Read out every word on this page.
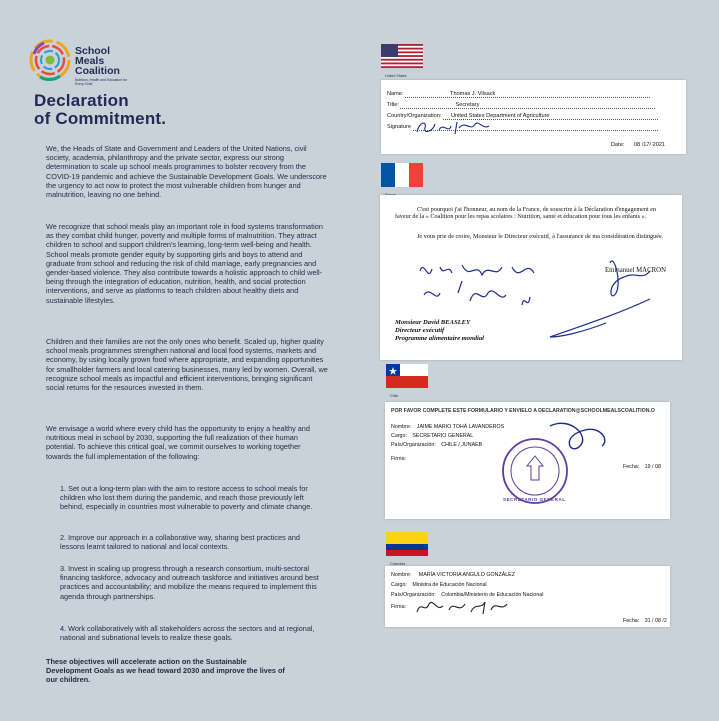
School
Meals
Coalition
Nutrition, Health and Education for Every Child
Declaration
of Commitment.

We, the Heads of State and Government and Leaders of the United Nations, civil society, academia, philanthropy and the private sector, express our strong determination to scale up school meals programmes to bolster recovery from the COVID-19 pandemic and achieve the Sustainable Development Goals. We underscore the urgency to act now to protect the most vulnerable children from hunger and malnutrition, leaving no one behind.

We recognize that school meals play an important role in food systems transformation as they combat child hunger, poverty and multiple forms of malnutrition. They attract children to school and support children's learning, long-term well-being and health. School meals promote gender equity by supporting girls and boys to attend and graduate from school and reducing the risk of child marriage, early pregnancies and gender-based violence. They also contribute towards a holistic approach to child well-being through the integration of education, nutrition, health, and social protection interventions, and serve as platforms to teach children about healthy diets and sustainable lifestyles.

Children and their families are not the only ones who benefit. Scaled up, higher quality school meals programmes strengthen national and local food systems, markets and economy, by using locally grown food where appropriate, and expanding opportunities for smallholder farmers and local catering businesses, many led by women. Overall, we recognize school meals as impactful and efficient interventions, bringing significant social returns for the resources invested in them.

We envisage a world where every child has the opportunity to enjoy a healthy and nutritious meal in school by 2030, supporting the full realization of their human potential. To achieve this critical goal, we commit ourselves to working together towards the full implementation of the following:

1. Set out a long-term plan with the aim to restore access to school meals for children who lost them during the pandemic, and reach those previously left behind, especially in countries most vulnerable to poverty and climate change.

2. Improve our approach in a collaborative way, sharing best practices and lessons learnt tailored to national and local contexts.

3. Invest in scaling up progress through a research consortium, multi-sectoral financing taskforce, advocacy and outreach taskforce and initiatives around best practices and accountability; and mobilize the means required to implement this agenda through partnerships.

4. Work collaboratively with all stakeholders across the sectors and at regional, national and subnational levels to realize these goals.

These objectives will accelerate action on the Sustainable Development Goals as we head toward 2030 and improve the lives of our children.

United States
Name:	Thomas J. Vilsack
Title:	Secretary
Country/Organization: United States Department of Agriculture
Signature
Date: 08 /17/ 2021

C'est pourquoi j'ai l'honneur, au nom de la France, de souscrire à la Déclaration d'engagement en faveur de la « Coalition pour les repas scolaires : Nutrition, santé et éducation pour tous les enfants ».

Je vous prie de croire, Monsieur le Directeur exécutif, à l'assurance de ma considération distinguée.

Emmanuel MACRON
Monsieur David BEASLEY
Directeur exécutif
Programme alimentaire mondial
Chile
POR FAVOR COMPLETE ESTE FORMULARIO Y ENVÍELO A DECLARATION@SCHOOLMEALSCOALITION.O
Nombre: JAIME MARIO TOHÁ LAVANDEROS
Cargo: SECRETARIO GENERAL
País/Organización: CHILE / JUNAEB
Firma:
SECRETARIO GENERAL
Fecha: 19 / 08
Colombia
Nombre: MARÍA VICTORIA ANGULO GONZÁLEZ
Cargo: Ministra de Educación Nacional
País/Organización: Colombia/Ministerio de Educación Nacional
Firma:
Fecha: 31 / 08 /2
